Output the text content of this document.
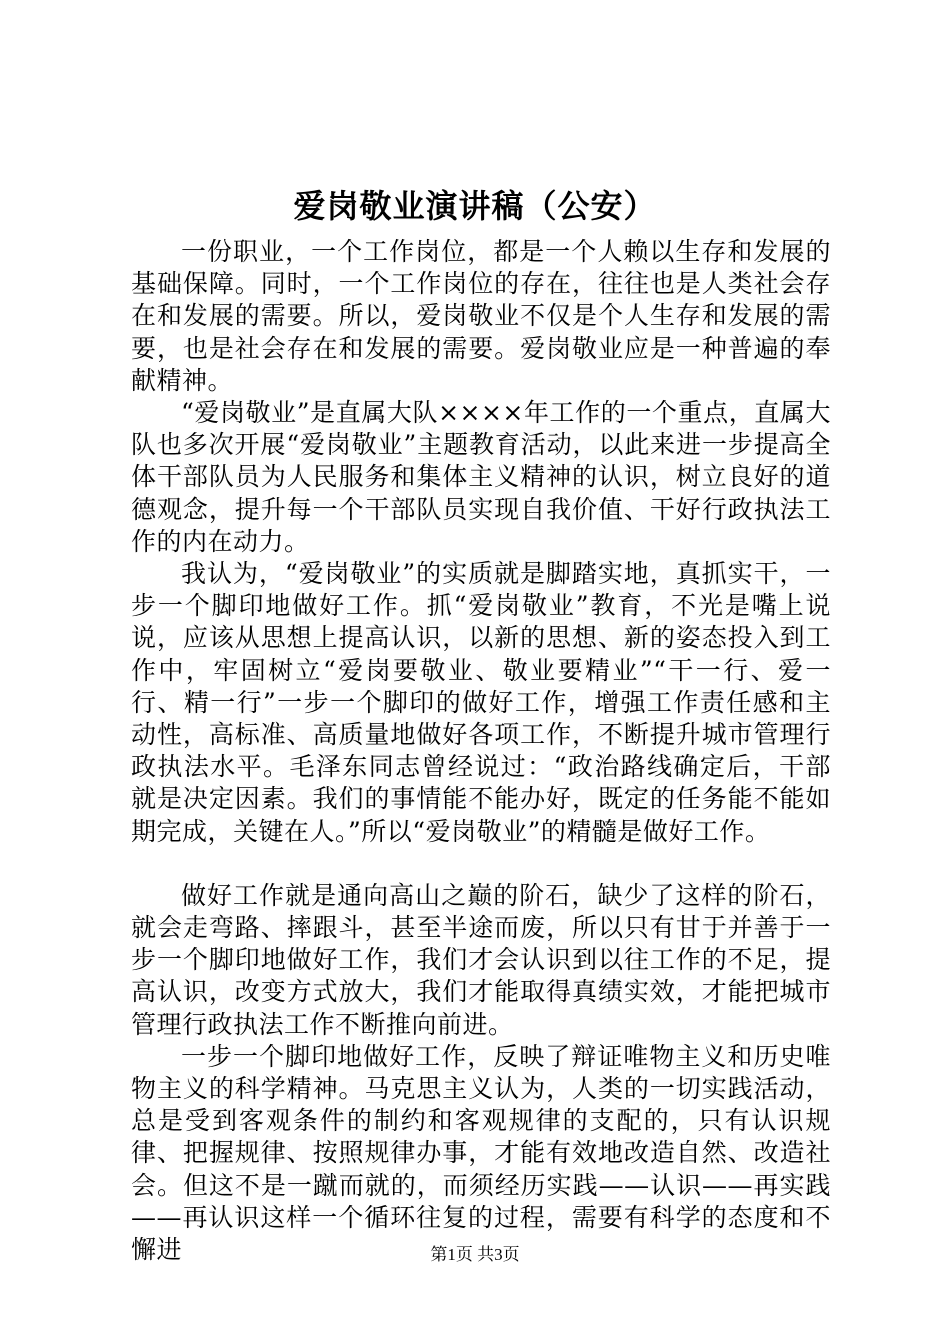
爱岗敬业演讲稿（公安）

一份职业，一个工作岗位，都是一个人赖以生存和发展的基础保障。同时，一个工作岗位的存在，往往也是人类社会存在和发展的需要。所以，爱岗敬业不仅是个人生存和发展的需要，也是社会存在和发展的需要。爱岗敬业应是一种普遍的奉献精神。

“爱岗敬业”是直属大队××××年工作的一个重点，直属大队也多次开展“爱岗敬业”主题教育活动，以此来进一步提高全体干部队员为人民服务和集体主义精神的认识，树立良好的道德观念，提升每一个干部队员实现自我价值、干好行政执法工作的内在动力。

我认为，“爱岗敬业”的实质就是脚踏实地，真抓实干，一步一个脚印地做好工作。抓“爱岗敬业”教育，不光是嘴上说说，应该从思想上提高认识，以新的思想、新的姿态投入到工作中，牢固树立“爱岗要敬业、敬业要精业”“干一行、爱一行、精一行”一步一个脚印的做好工作，增强工作责任感和主动性，高标准、高质量地做好各项工作，不断提升城市管理行政执法水平。毛泽东同志曾经说过：“政治路线确定后，干部就是决定因素。我们的事情能不能办好，既定的任务能不能如期完成，关键在人。”所以“爱岗敬业”的精髓是做好工作。

做好工作就是通向高山之巅的阶石，缺少了这样的阶石，就会走弯路、摔跟斗，甚至半途而废，所以只有甘于并善于一步一个脚印地做好工作，我们才会认识到以往工作的不足，提高认识，改变方式放大，我们才能取得真绩实效，才能把城市管理行政执法工作不断推向前进。

一步一个脚印地做好工作，反映了辩证唯物主义和历史唯物主义的科学精神。马克思主义认为，人类的一切实践活动，总是受到客观条件的制约和客观规律的支配的，只有认识规律、把握规律、按照规律办事，才能有效地改造自然、改造社会。但这不是一蹴而就的，而须经历实践——认识——再实践——再认识这样一个循环往复的过程，需要有科学的态度和不懈进	第1页 共3页
